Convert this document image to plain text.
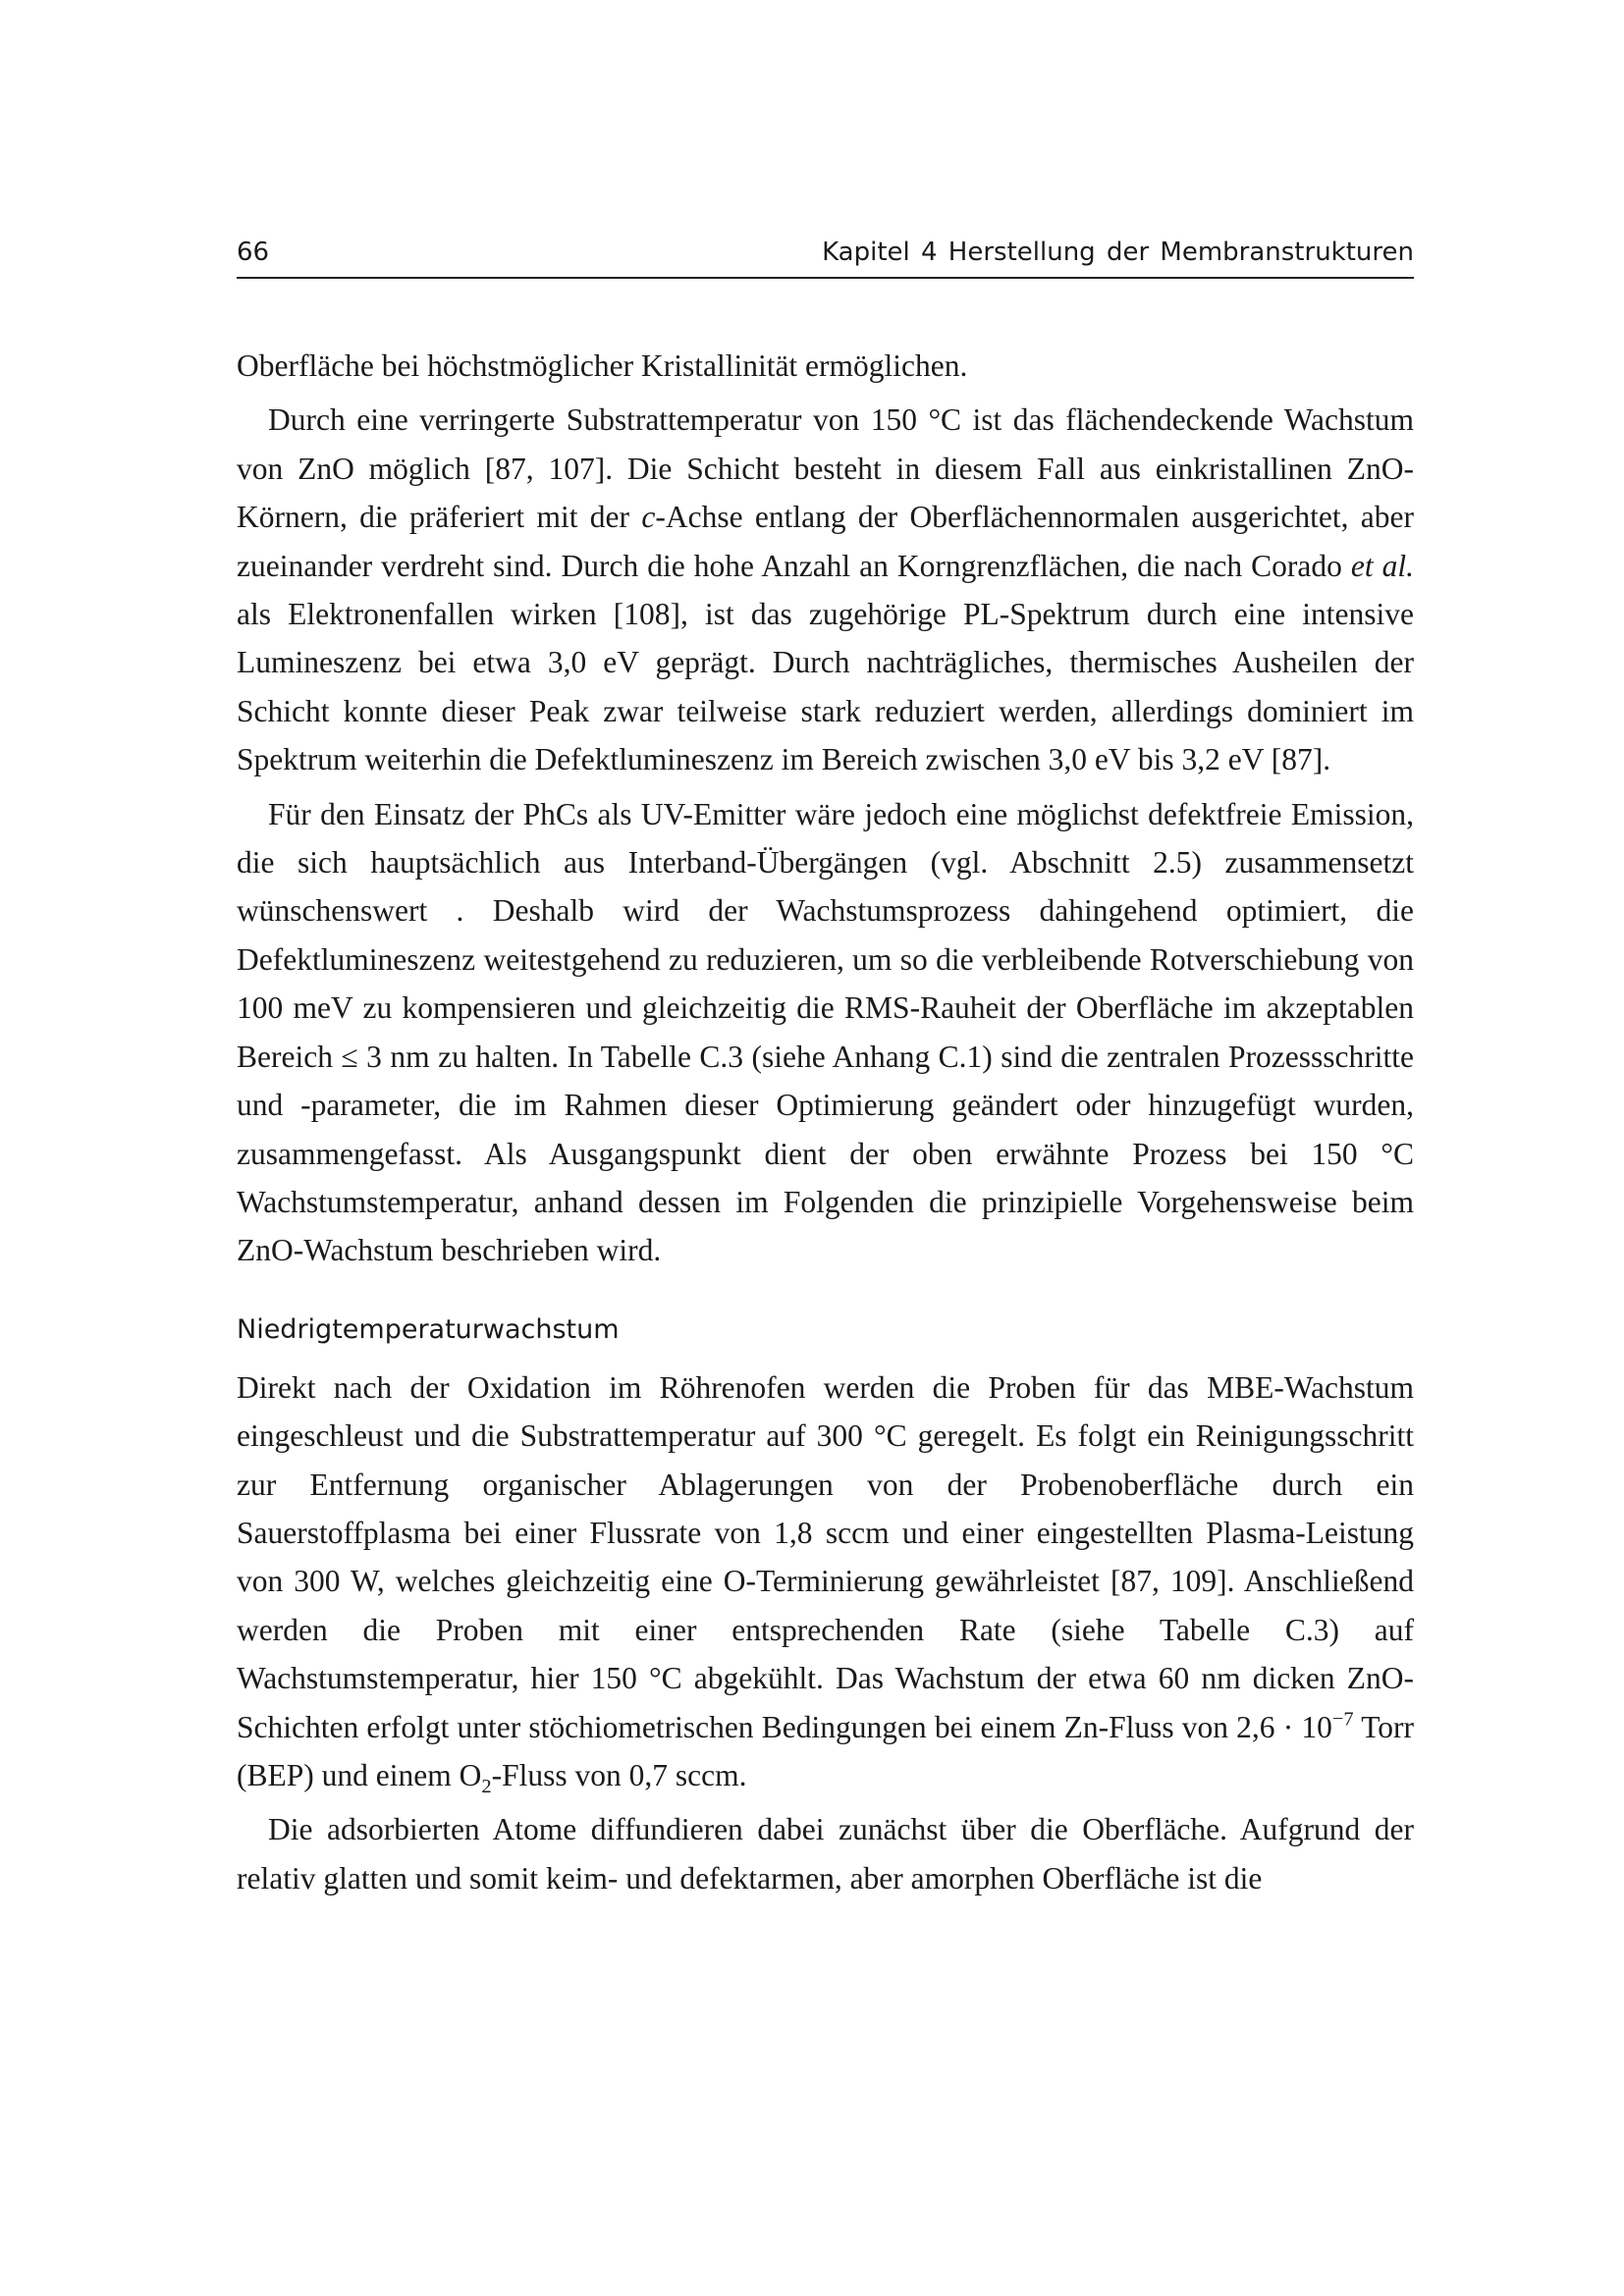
66	Kapitel 4 Herstellung der Membranstrukturen

Oberfläche bei höchstmöglicher Kristallinität ermöglichen.

Durch eine verringerte Substrattemperatur von 150 °C ist das flächendeckende Wachstum von ZnO möglich [87, 107]. Die Schicht besteht in diesem Fall aus einkristallinen ZnO-Körnern, die präferiert mit der c-Achse entlang der Oberflächennormalen ausgerichtet, aber zueinander verdreht sind. Durch die hohe Anzahl an Korngrenzflächen, die nach Corado et al. als Elektronenfallen wirken [108], ist das zugehörige PL-Spektrum durch eine intensive Lumineszenz bei etwa 3,0 eV geprägt. Durch nachträgliches, thermisches Ausheilen der Schicht konnte dieser Peak zwar teilweise stark reduziert werden, allerdings dominiert im Spektrum weiterhin die Defektlumineszenz im Bereich zwischen 3,0 eV bis 3,2 eV [87].

Für den Einsatz der PhCs als UV-Emitter wäre jedoch eine möglichst defektfreie Emission, die sich hauptsächlich aus Interband-Übergängen (vgl. Abschnitt 2.5) zusammensetzt wünschenswert . Deshalb wird der Wachstumsprozess dahingehend optimiert, die Defektlumineszenz weitestgehend zu reduzieren, um so die verbleibende Rotverschiebung von 100 meV zu kompensieren und gleichzeitig die RMS-Rauheit der Oberfläche im akzeptablen Bereich ≤ 3 nm zu halten. In Tabelle C.3 (siehe Anhang C.1) sind die zentralen Prozessschritte und -parameter, die im Rahmen dieser Optimierung geändert oder hinzugefügt wurden, zusammengefasst. Als Ausgangspunkt dient der oben erwähnte Prozess bei 150 °C Wachstumstemperatur, anhand dessen im Folgenden die prinzipielle Vorgehensweise beim ZnO-Wachstum beschrieben wird.

Niedrigtemperaturwachstum

Direkt nach der Oxidation im Röhrenofen werden die Proben für das MBE-Wachstum eingeschleust und die Substrattemperatur auf 300 °C geregelt. Es folgt ein Reinigungsschritt zur Entfernung organischer Ablagerungen von der Probenoberfläche durch ein Sauerstoffplasma bei einer Flussrate von 1,8 sccm und einer eingestellten Plasma-Leistung von 300 W, welches gleichzeitig eine O-Terminierung gewährleistet [87, 109]. Anschließend werden die Proben mit einer entsprechenden Rate (siehe Tabelle C.3) auf Wachstumstemperatur, hier 150 °C abgekühlt. Das Wachstum der etwa 60 nm dicken ZnO-Schichten erfolgt unter stöchiometrischen Bedingungen bei einem Zn-Fluss von $2,6 \cdot 10^{-7}$ Torr (BEP) und einem $O_2$-Fluss von 0,7 sccm.

Die adsorbierten Atome diffundieren dabei zunächst über die Oberfläche. Aufgrund der relativ glatten und somit keim- und defektarmen, aber amorphen Oberfläche ist die
